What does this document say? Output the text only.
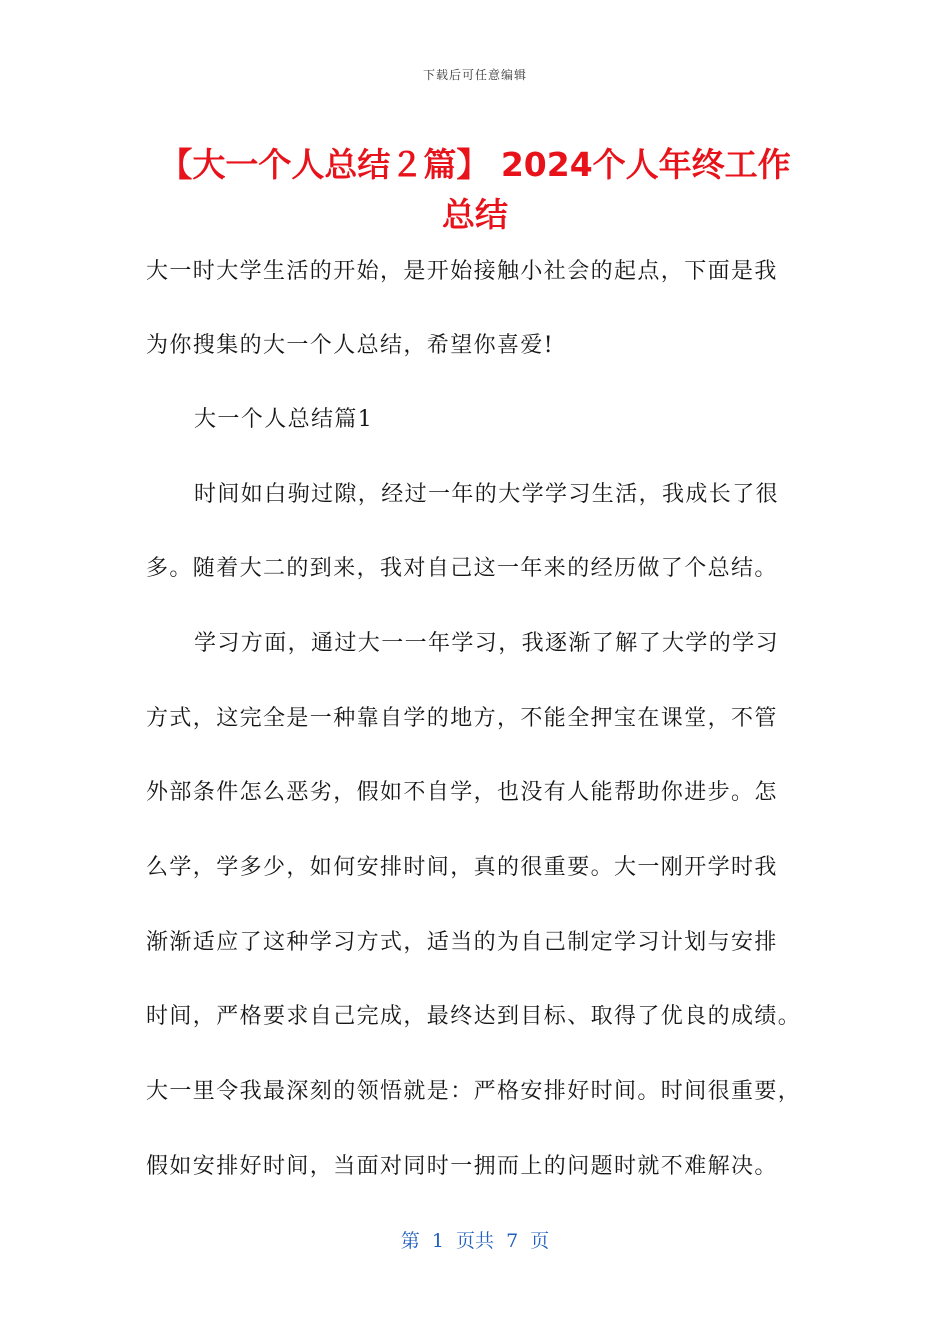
下载后可任意编辑
【大一个人总结２篇】 2024个人年终工作
总结
大一时大学生活的开始，是开始接触小社会的起点，下面是我
为你搜集的大一个人总结，希望你喜爱!
大一个人总结篇1
时间如白驹过隙，经过一年的大学学习生活，我成长了很
多。随着大二的到来，我对自己这一年来的经历做了个总结。
学习方面，通过大一一年学习，我逐渐了解了大学的学习
方式，这完全是一种靠自学的地方，不能全押宝在课堂，不管
外部条件怎么恶劣，假如不自学，也没有人能帮助你进步。怎
么学，学多少，如何安排时间，真的很重要。大一刚开学时我
渐渐适应了这种学习方式，适当的为自己制定学习计划与安排
时间，严格要求自己完成，最终达到目标、取得了优良的成绩。
大一里令我最深刻的领悟就是：严格安排好时间。时间很重要，
假如安排好时间，当面对同时一拥而上的问题时就不难解决。
第  1  页共  7  页
